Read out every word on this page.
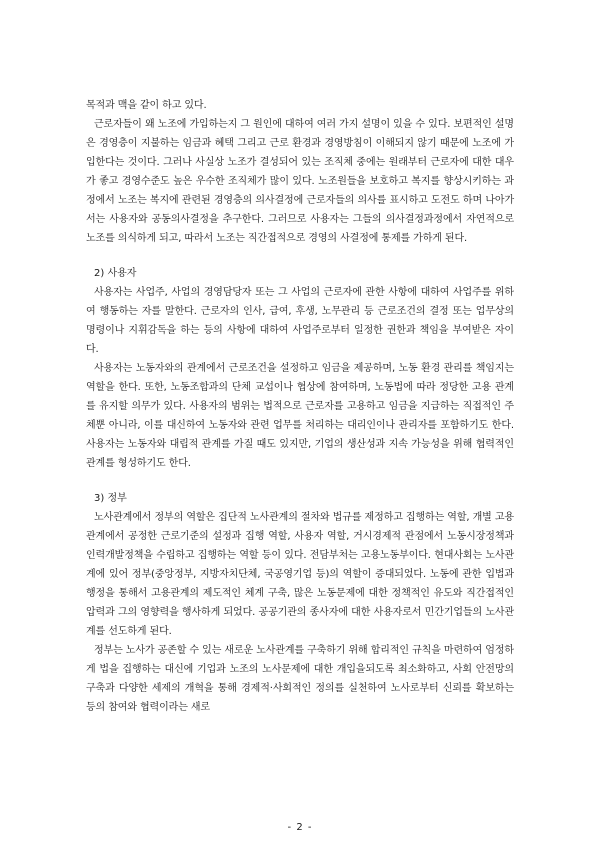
목적과 맥을 같이 하고 있다.

근로자들이 왜 노조에 가입하는지 그 원인에 대하여 여러 가지 설명이 있을 수 있다. 보편적인 설명은 경영층이 지불하는 임금과 혜택 그리고 근로 환경과 경영방침이 이해되지 않기 때문에 노조에 가입한다는 것이다. 그러나 사실상 노조가 결성되어 있는 조직체 중에는 원래부터 근로자에 대한 대우가 좋고 경영수준도 높은 우수한 조직체가 많이 있다. 노조원들을 보호하고 복지를 향상시키하는 과정에서 노조는 복지에 관련된 경영층의 의사결정에 근로자들의 의사를 표시하고 도전도 하며 나아가서는 사용자와 공동의사결정을 추구한다. 그러므로 사용자는 그들의 의사결정과정에서 자연적으로 노조를 의식하게 되고, 따라서 노조는 직간접적으로 경영의 사결정에 통제를 가하게 된다.

2) 사용자

사용자는 사업주, 사업의 경영담당자 또는 그 사업의 근로자에 관한 사항에 대하여 사업주를 위하여 행동하는 자를 말한다. 근로자의 인사, 급여, 후생, 노무관리 등 근로조건의 결정 또는 업무상의 명령이나 지휘감독을 하는 등의 사항에 대하여 사업주로부터 일정한 권한과 책임을 부여받은 자이다.

사용자는 노동자와의 관계에서 근로조건을 설정하고 임금을 제공하며, 노동 환경 관리를 책임지는 역할을 한다. 또한, 노동조합과의 단체 교섭이나 협상에 참여하며, 노동법에 따라 정당한 고용 관계를 유지할 의무가 있다. 사용자의 범위는 법적으로 근로자를 고용하고 임금을 지급하는 직접적인 주체뿐 아니라, 이를 대신하여 노동자와 관련 업무를 처리하는 대리인이나 관리자를 포함하기도 한다. 사용자는 노동자와 대립적 관계를 가질 때도 있지만, 기업의 생산성과 지속 가능성을 위해 협력적인 관계를 형성하기도 한다.

3) 정부

노사관계에서 정부의 역할은 집단적 노사관계의 절차와 법규를 제정하고 집행하는 역할, 개별 고용관계에서 공정한 근로기준의 설정과 집행 역할, 사용자 역할, 거시경제적 관점에서 노동시장정책과 인력개발정책을 수립하고 집행하는 역할 등이 있다. 전담부처는 고용노동부이다. 현대사회는 노사관계에 있어 정부(중앙정부, 지방자치단체, 국공영기업 등)의 역할이 증대되었다. 노동에 관한 입법과 행정을 통해서 고용관계의 제도적인 체계 구축, 많은 노동문제에 대한 정책적인 유도와 직간접적인 압력과 그의 영향력을 행사하게 되었다. 공공기관의 종사자에 대한 사용자로서 민간기업들의 노사관계를 선도하게 된다.

정부는 노사가 공존할 수 있는 새로운 노사관계를 구축하기 위해 합리적인 규칙을 마련하여 엄정하게 법을 집행하는 대신에 기업과 노조의 노사문제에 대한 개입을되도록 최소화하고, 사회 안전망의 구축과 다양한 세제의 개혁을 통해 경제적·사회적인 정의를 실천하여 노사로부터 신뢰를 확보하는 등의 참여와 협력이라는 새로

- 2 -
